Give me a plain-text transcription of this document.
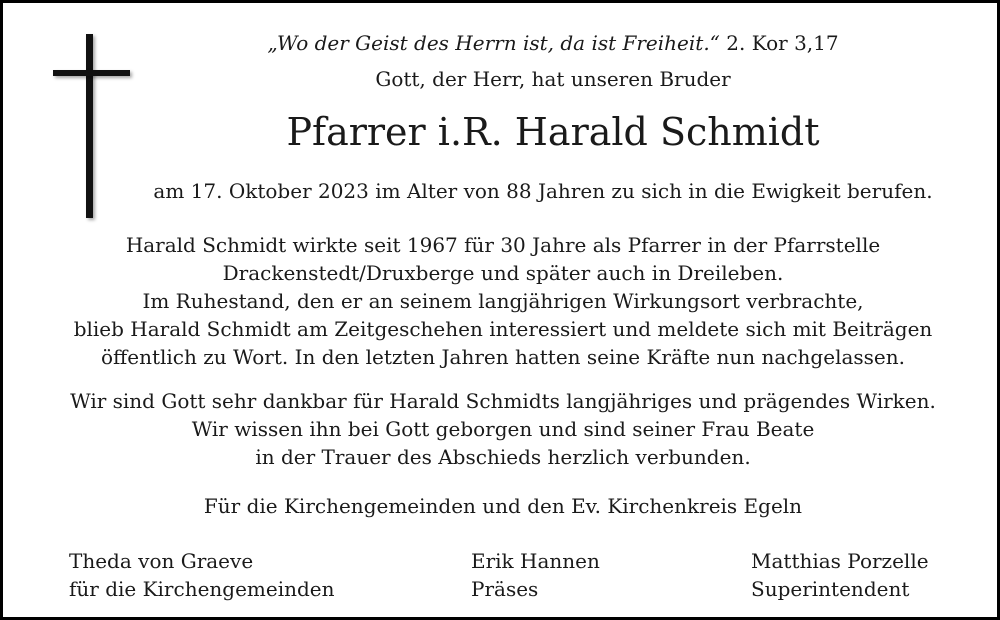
„Wo der Geist des Herrn ist, da ist Freiheit.“ 2. Kor 3,17
Gott, der Herr, hat unseren Bruder
Pfarrer i.R. Harald Schmidt
am 17. Oktober 2023 im Alter von 88 Jahren zu sich in die Ewigkeit berufen.
Harald Schmidt wirkte seit 1967 für 30 Jahre als Pfarrer in der Pfarrstelle
Drackenstedt/Druxberge und später auch in Dreileben.
Im Ruhestand, den er an seinem langjährigen Wirkungsort verbrachte,
blieb Harald Schmidt am Zeitgeschehen interessiert und meldete sich mit Beiträgen
öffentlich zu Wort. In den letzten Jahren hatten seine Kräfte nun nachgelassen.
Wir sind Gott sehr dankbar für Harald Schmidts langjähriges und prägendes Wirken.
Wir wissen ihn bei Gott geborgen und sind seiner Frau Beate
in der Trauer des Abschieds herzlich verbunden.
Für die Kirchengemeinden und den Ev. Kirchenkreis Egeln
Theda von Graeve
für die Kirchengemeinden
Erik Hannen
Präses
Matthias Porzelle
Superintendent
